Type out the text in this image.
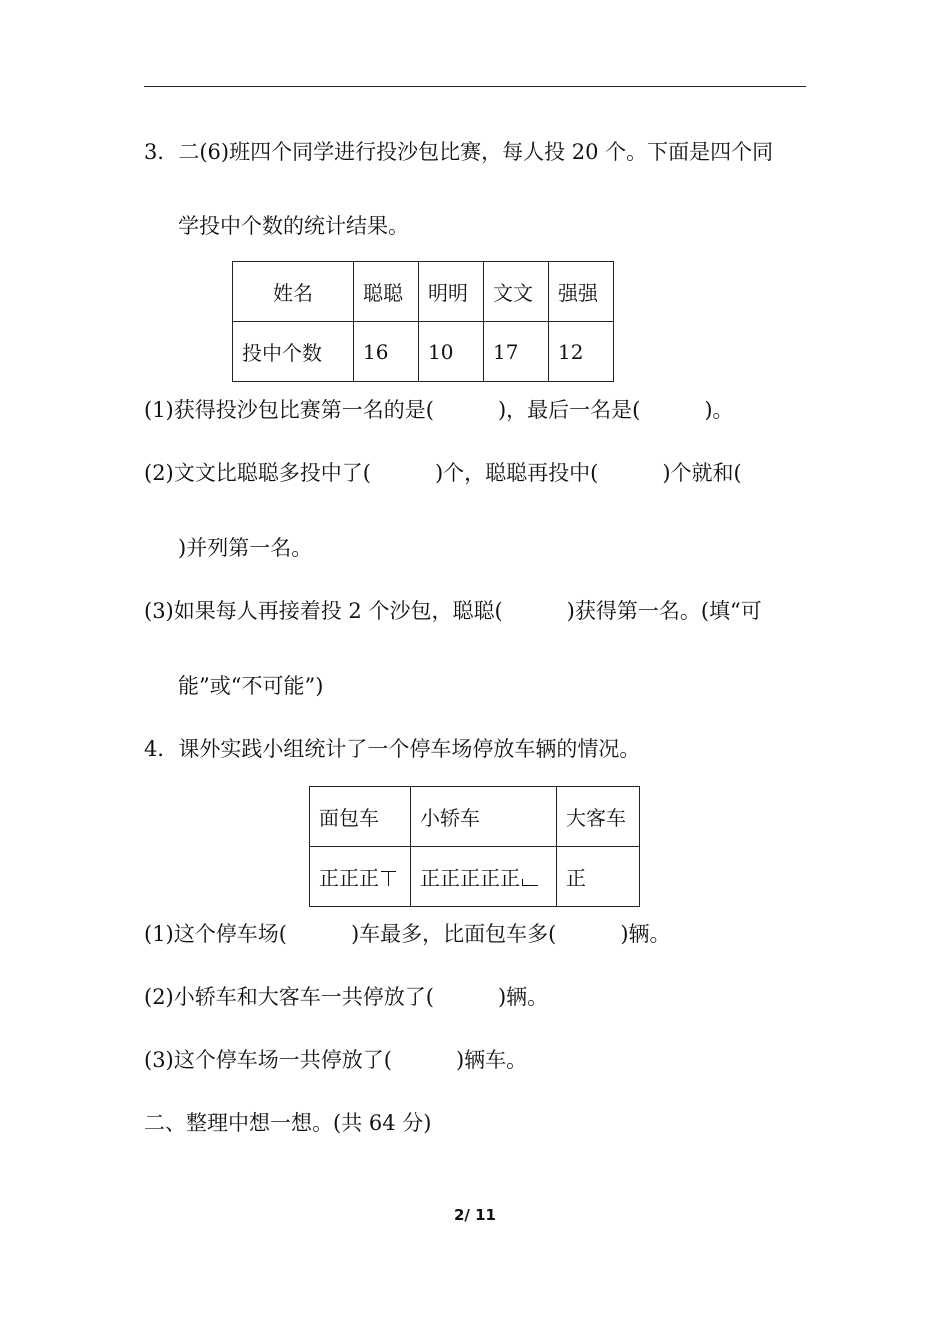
3．二(6)班四个同学进行投沙包比赛，每人投 20 个。下面是四个同
学投中个数的统计结果。
姓名	聪聪	明明	文文	强强
投中个数	16	10	17	12
(1)获得投沙包比赛第一名的是(	)，最后一名是(	)。
(2)文文比聪聪多投中了(	)个，聪聪再投中(	)个就和(
)并列第一名。
(3)如果每人再接着投 2 个沙包，聪聪(	)获得第一名。(填“可
能”或“不可能”)
4．课外实践小组统计了一个停车场停放车辆的情况。
面包车	小轿车	大客车
正正正	正正正正正	正
(1)这个停车场(	)车最多，比面包车多(	)辆。
(2)小轿车和大客车一共停放了(	)辆。
(3)这个停车场一共停放了(	)辆车。
二、整理中想一想。(共 64 分)
2/ 11
